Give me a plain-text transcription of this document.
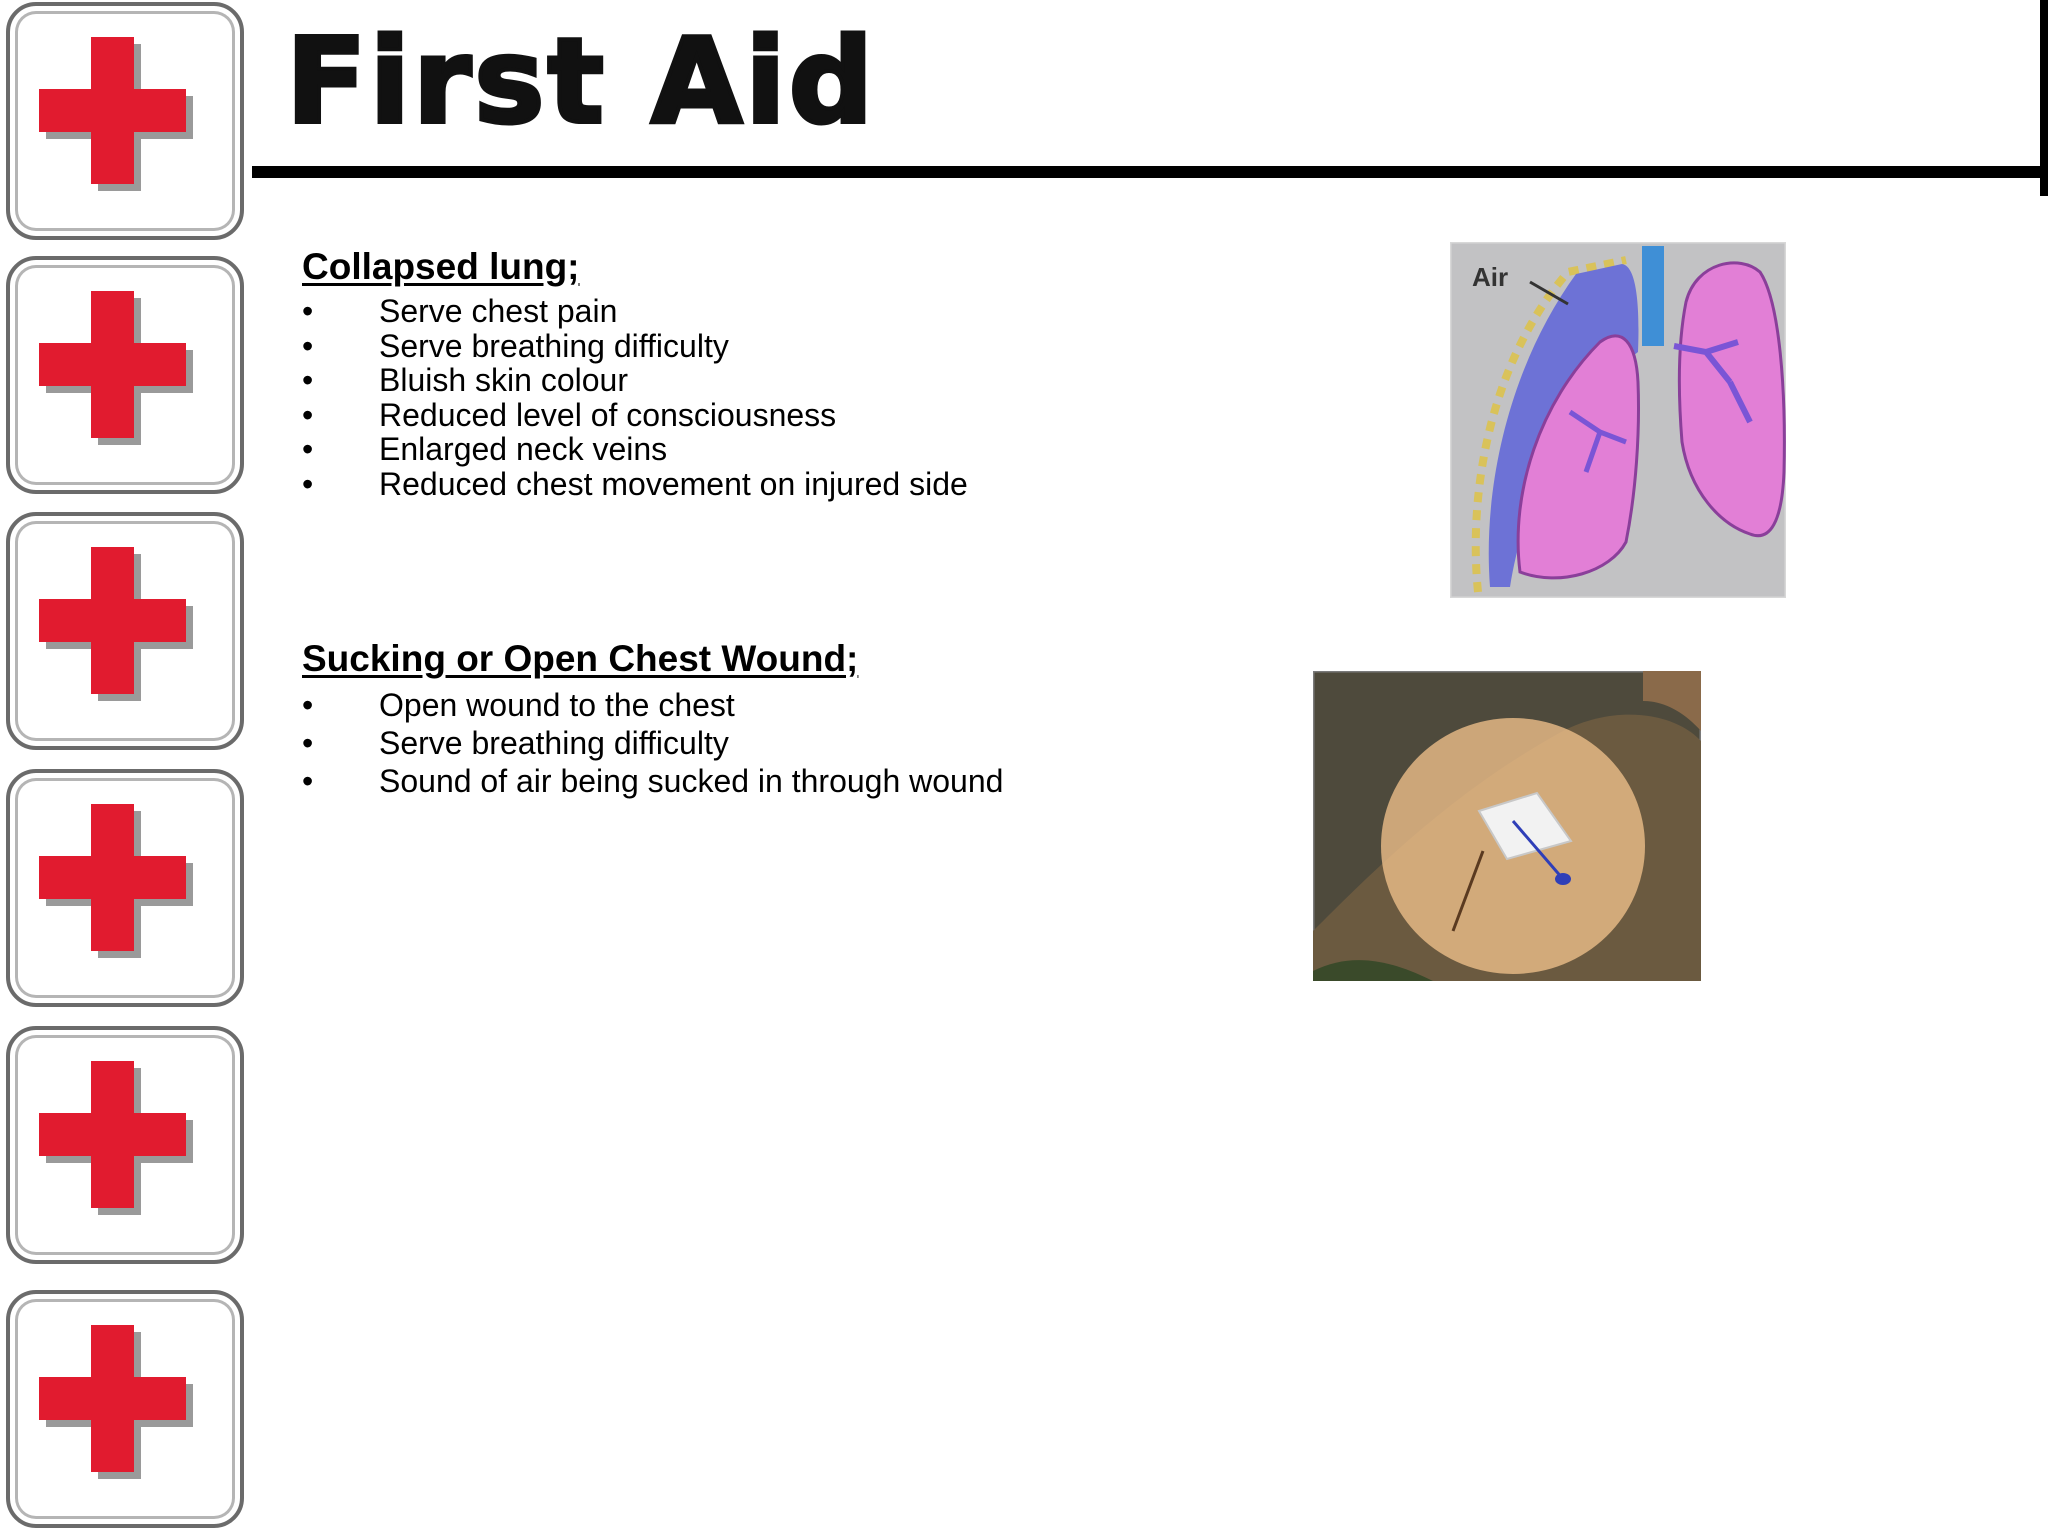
First Aid
Collapsed lung;
• Serve chest pain
• Serve breathing difficulty
• Bluish skin colour
• Reduced level of consciousness
• Enlarged neck veins
• Reduced chest movement on injured side
Sucking or Open Chest Wound;
• Open wound to the chest
• Serve breathing difficulty
• Sound of air being sucked in through wound
Air
